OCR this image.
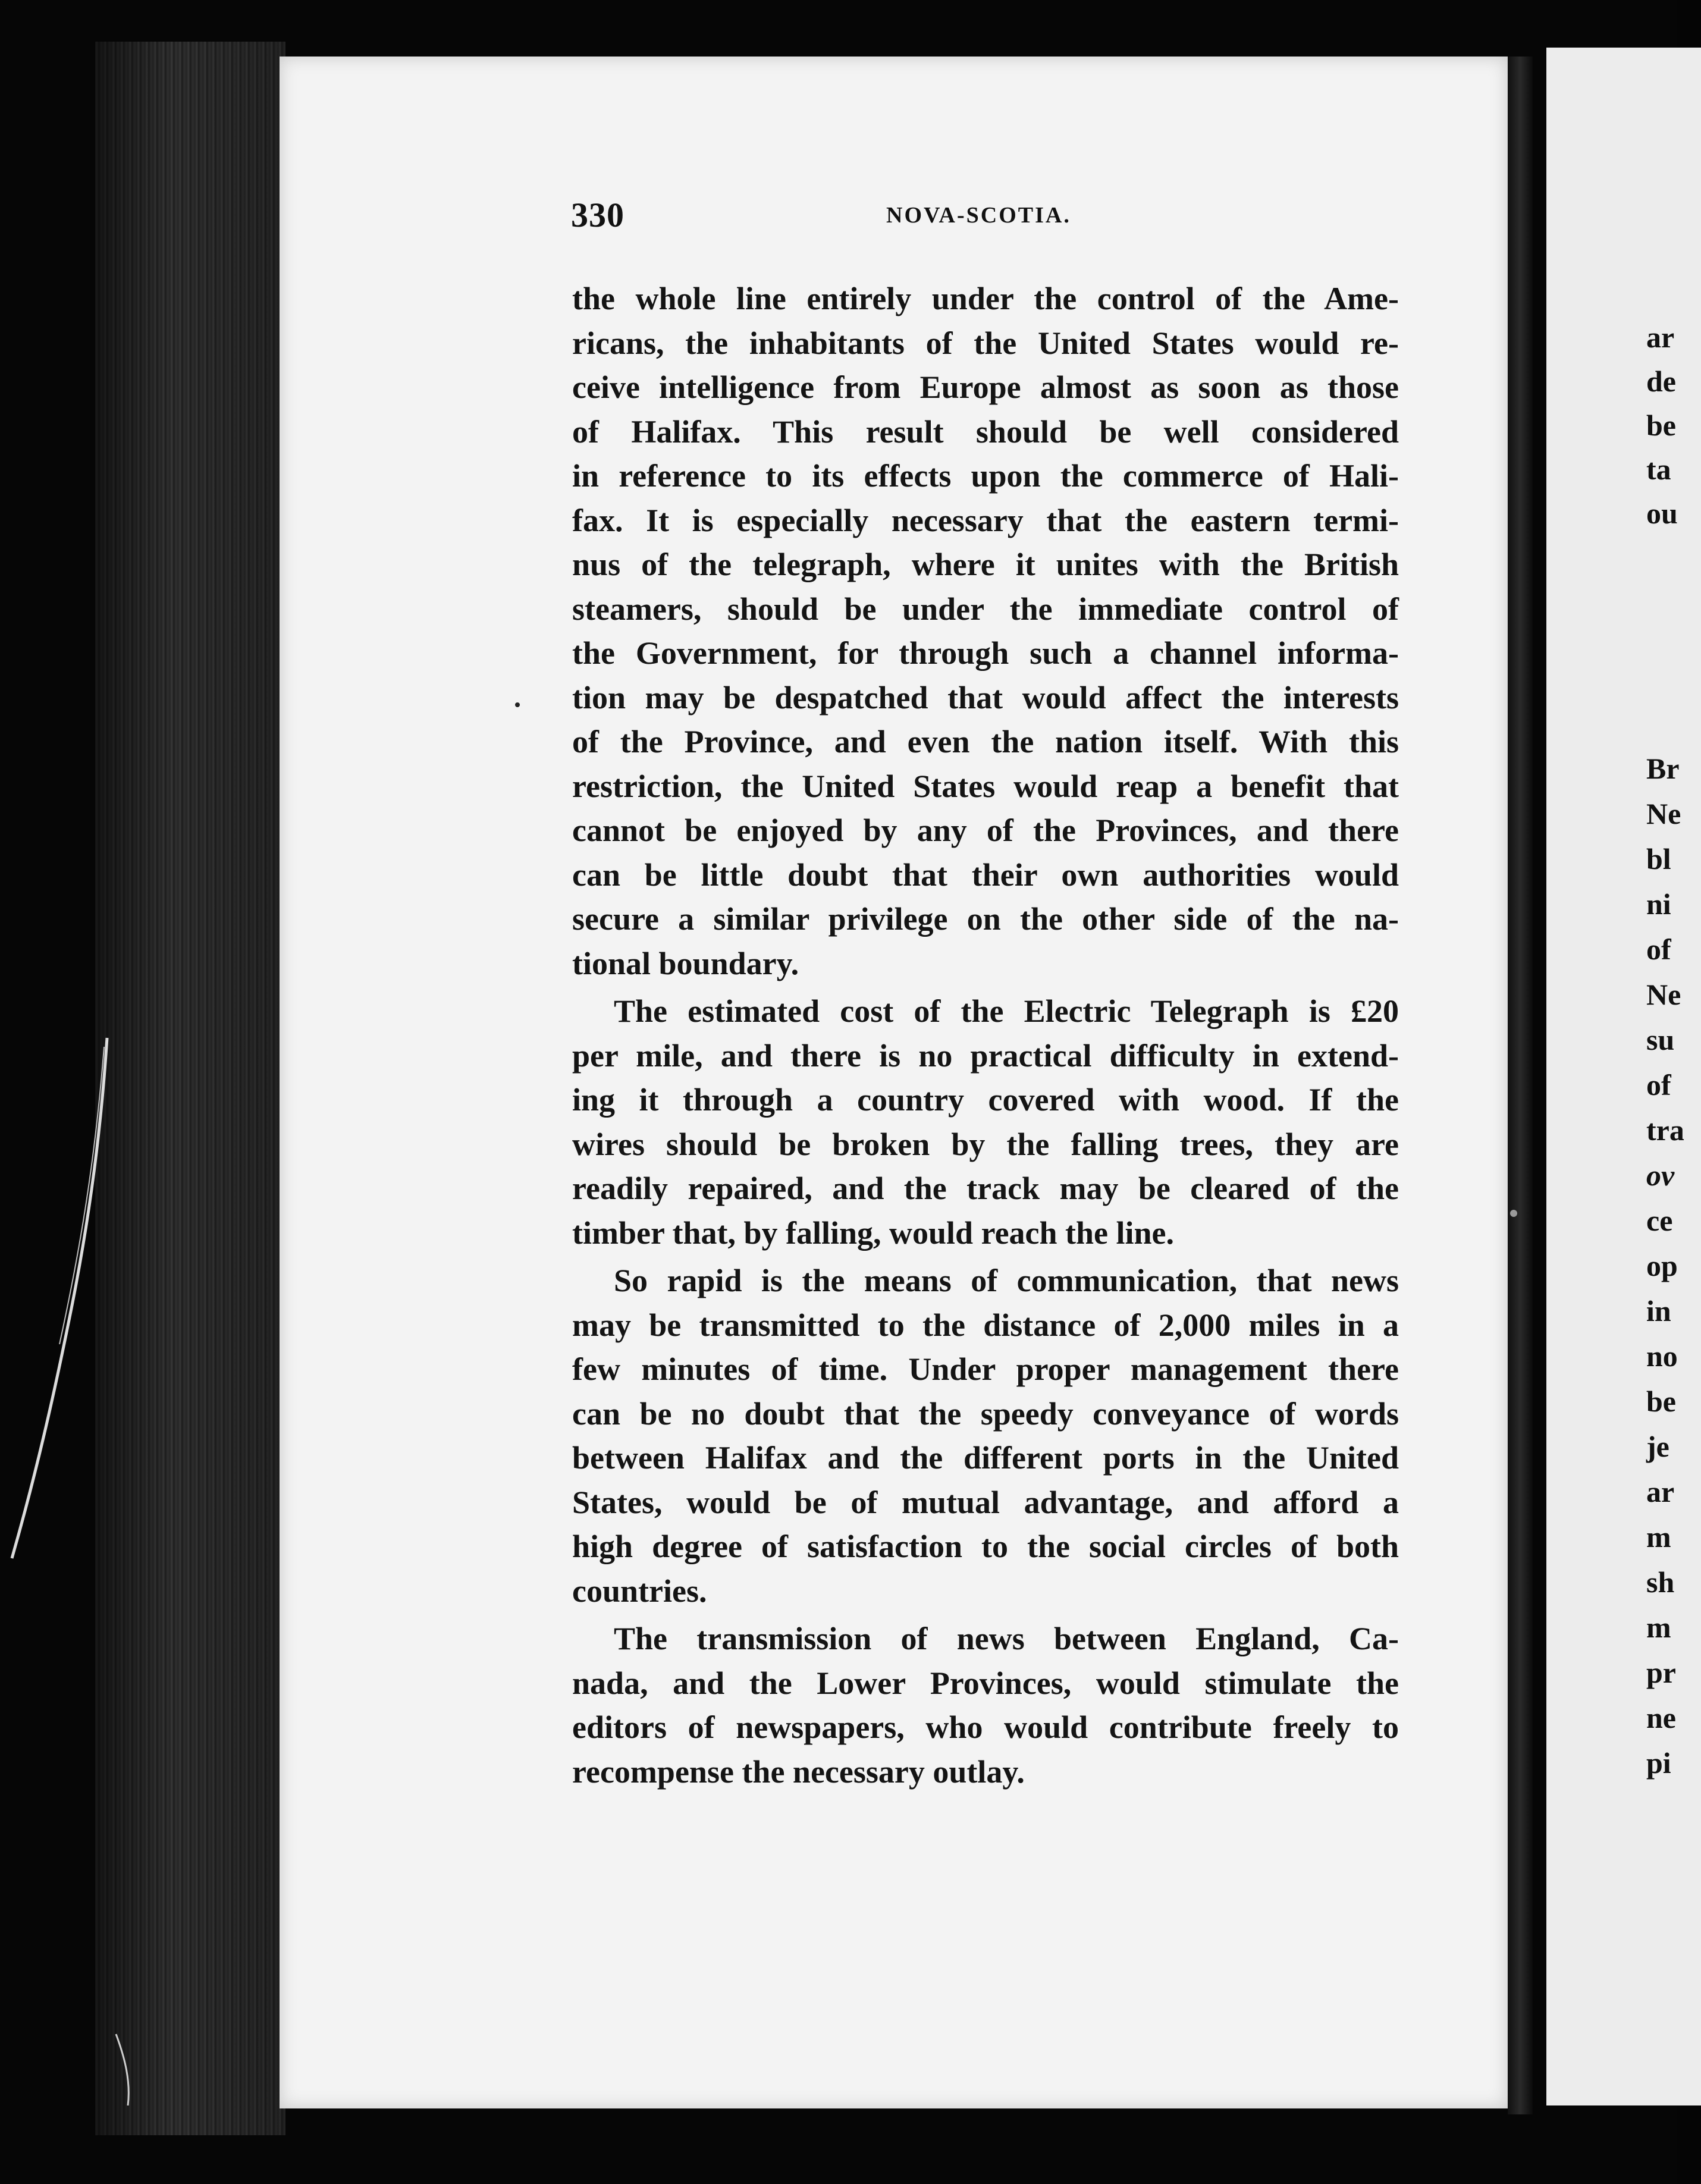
330	NOVA-SCOTIA.
the whole line entirely under the control of the Ame-
ricans, the inhabitants of the United States would re-
ceive intelligence from Europe almost as soon as those
of Halifax. This result should be well considered
in reference to its effects upon the commerce of Hali-
fax. It is especially necessary that the eastern termi-
nus of the telegraph, where it unites with the British
steamers, should be under the immediate control of
the Government, for through such a channel informa-
tion may be despatched that would affect the interests
of the Province, and even the nation itself. With this
restriction, the United States would reap a benefit that
cannot be enjoyed by any of the Provinces, and there
can be little doubt that their own authorities would
secure a similar privilege on the other side of the na-
tional boundary.
The estimated cost of the Electric Telegraph is £20
per mile, and there is no practical difficulty in extend-
ing it through a country covered with wood. If the
wires should be broken by the falling trees, they are
readily repaired, and the track may be cleared of the
timber that, by falling, would reach the line.
So rapid is the means of communication, that news
may be transmitted to the distance of 2,000 miles in a
few minutes of time. Under proper management there
can be no doubt that the speedy conveyance of words
between Halifax and the different ports in the United
States, would be of mutual advantage, and afford a
high degree of satisfaction to the social circles of both
countries.
The transmission of news between England, Ca-
nada, and the Lower Provinces, would stimulate the
editors of newspapers, who would contribute freely to
recompense the necessary outlay.
ar
de
be
ta
ou
Br
Ne
bl
ni
of
Ne
su
of
tra
ov
ce
op
in
no
be
je
ar
m
sh
m
pr
ne
pi
